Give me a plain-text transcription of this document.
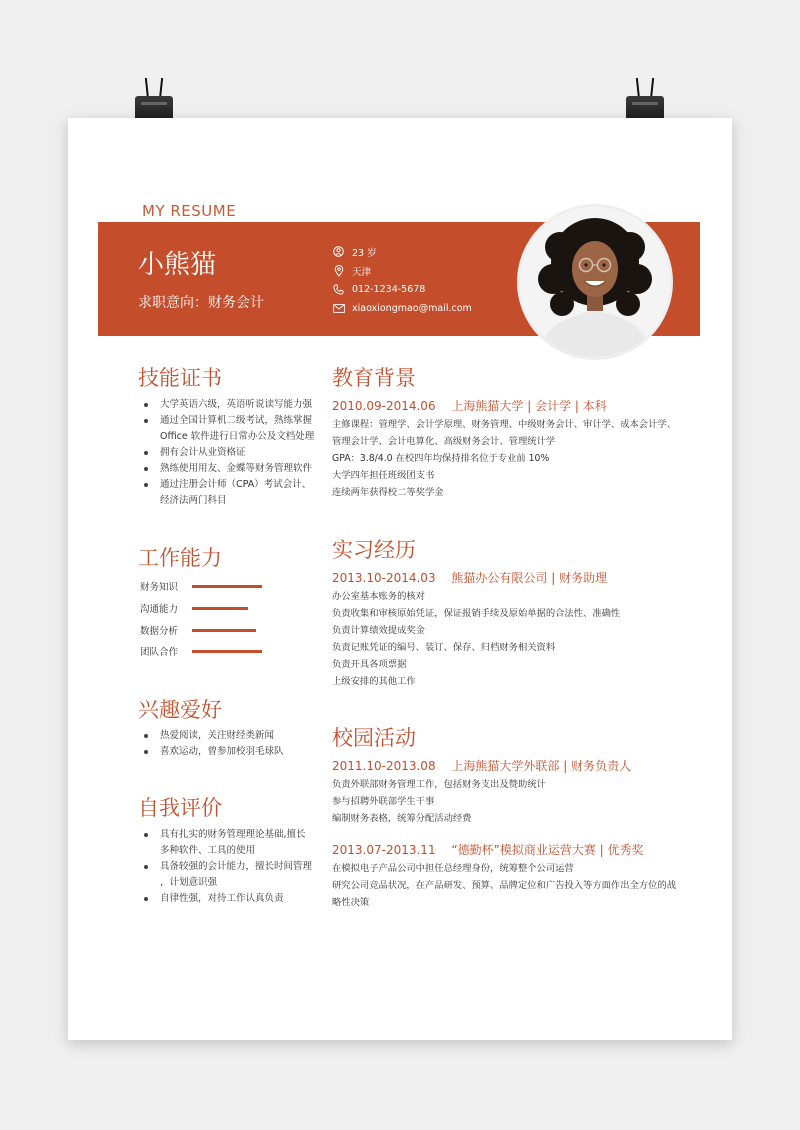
MY RESUME
小熊猫
求职意向：财务会计
23 岁
天津
012-1234-5678
xiaoxiongmao@mail.com
技能证书
大学英语六级，英语听说读写能力强
通过全国计算机二级考试，熟练掌握
Office 软件进行日常办公及文档处理
拥有会计从业资格证
熟练使用用友、金蝶等财务管理软件
通过注册会计师（CPA）考试会计、
经济法两门科目
工作能力
财务知识
沟通能力
数据分析
团队合作
兴趣爱好
热爱阅读，关注财经类新闻
喜欢运动，曾参加校羽毛球队
自我评价
具有扎实的财务管理理论基础,擅长
多种软件、工具的使用
具备较强的会计能力，擅长时间管理
，计划意识强
自律性强，对待工作认真负责
教育背景
2010.09-2014.06 上海熊猫大学 | 会计学 | 本科
主修课程：管理学、会计学原理、财务管理、中级财务会计、审计学、成本会计学、
管理会计学、会计电算化、高级财务会计、管理统计学
GPA：3.8/4.0 在校四年均保持排名位于专业前 10%
大学四年担任班级团支书
连续两年获得校二等奖学金
实习经历
2013.10-2014.03 熊猫办公有限公司 | 财务助理
办公室基本账务的核对
负责收集和审核原始凭证，保证报销手续及原始单据的合法性、准确性
负责计算绩效提成奖金
负责记账凭证的编号、装订、保存、归档财务相关资料
负责开具各项票据
上级安排的其他工作
校园活动
2011.10-2013.08 上海熊猫大学外联部 | 财务负责人
负责外联部财务管理工作，包括财务支出及赞助统计
参与招聘外联部学生干事
编制财务表格，统筹分配活动经费
2013.07-2013.11 “德勤杯”模拟商业运营大赛 | 优秀奖
在模拟电子产品公司中担任总经理身份，统筹整个公司运营
研究公司竞品状况，在产品研发、预算、品牌定位和广告投入等方面作出全方位的战
略性决策
